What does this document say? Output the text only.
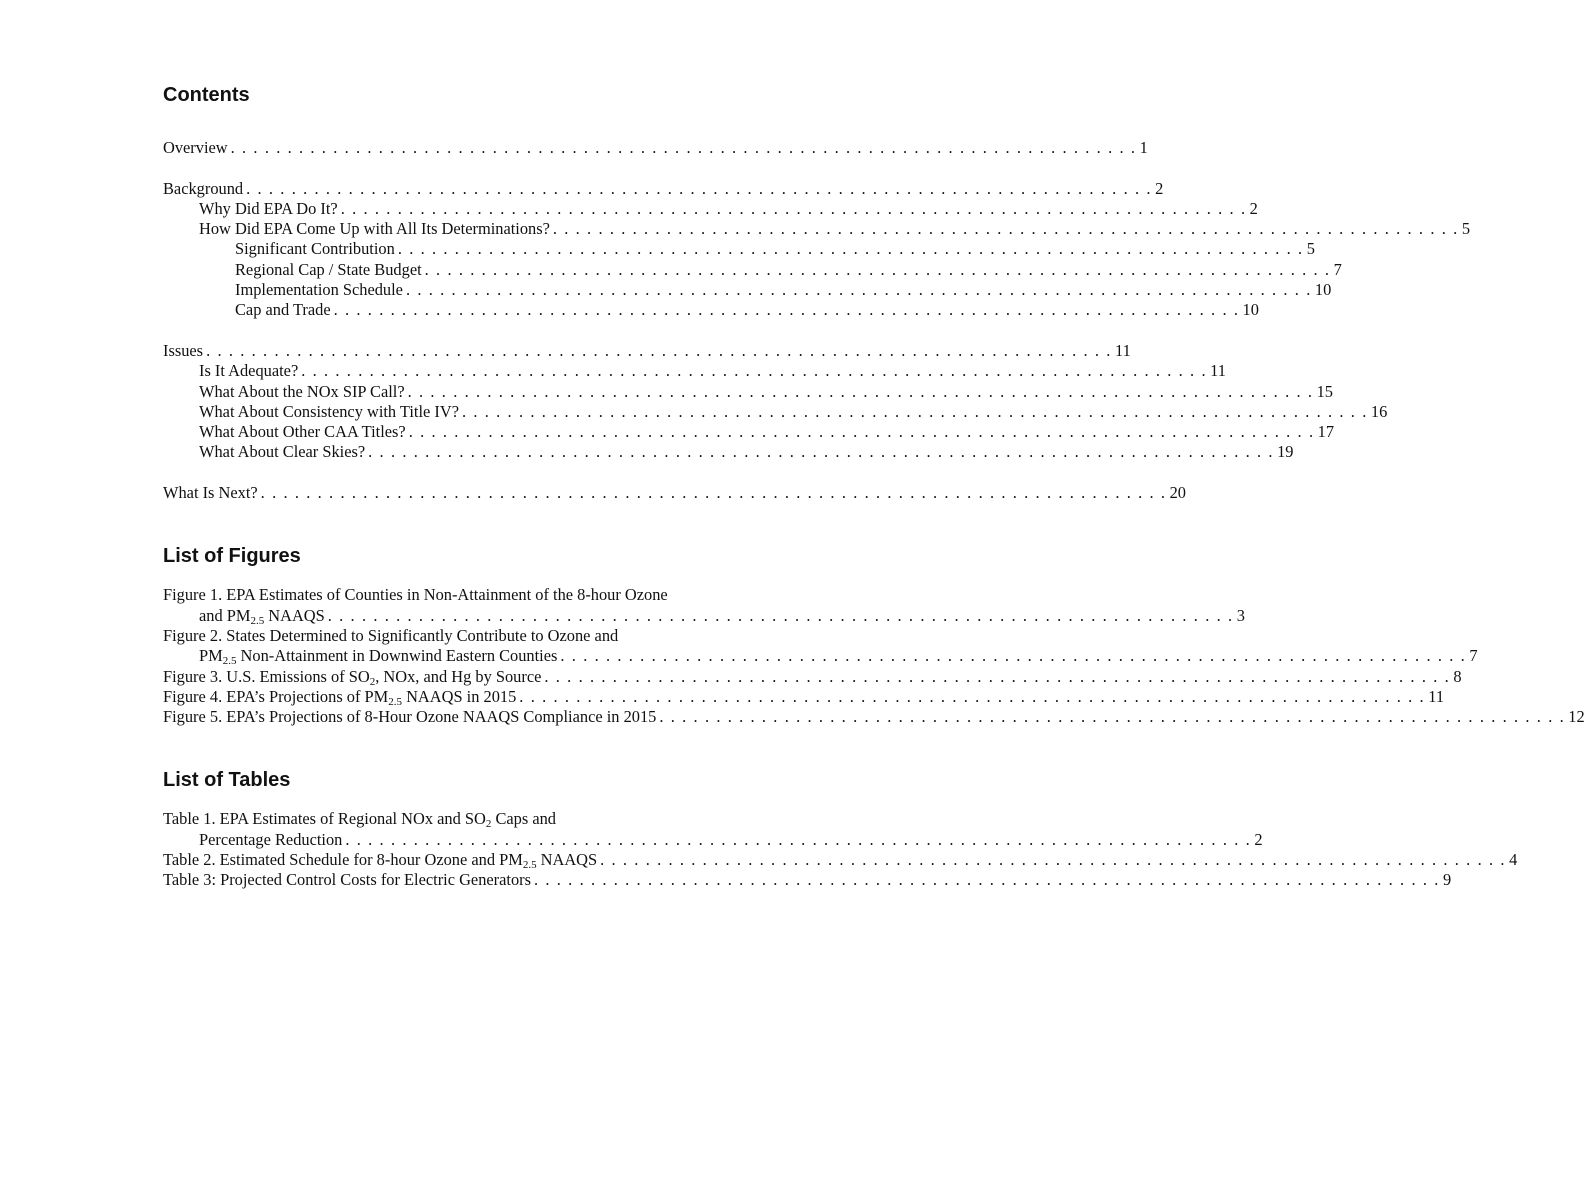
Contents
Overview . . . . . . . . . . . . . . . . . . . . . . . . . . . . . . . . . . . . . . . . . . . . . . . . . . . . . . . . . . . . . . . . . . . . . . . . . . . . . . . . 1
Background . . . . . . . . . . . . . . . . . . . . . . . . . . . . . . . . . . . . . . . . . . . . . . . . . . . . . . . . . . . . . . . . . . . . . . . . . . . . . . . . 2
Why Did EPA Do It? . . . . . . . . . . . . . . . . . . . . . . . . . . . . . . . . . . . . . . . . . . . . . . . . . . . . . . . . . . . . . . . . . . . . . . . . . . . . . . . . 2
How Did EPA Come Up with All Its Determinations? . . . . . . . . . . . . . . . . . . . . . . . . . . . . . . . . . . . . . . . . . . . . . . . . . . . . . . . . . . . . . . . . . . . . . . . . . . . . . . . . 5
Significant Contribution . . . . . . . . . . . . . . . . . . . . . . . . . . . . . . . . . . . . . . . . . . . . . . . . . . . . . . . . . . . . . . . . . . . . . . . . . . . . . . . . 5
Regional Cap / State Budget . . . . . . . . . . . . . . . . . . . . . . . . . . . . . . . . . . . . . . . . . . . . . . . . . . . . . . . . . . . . . . . . . . . . . . . . . . . . . . . . 7
Implementation Schedule . . . . . . . . . . . . . . . . . . . . . . . . . . . . . . . . . . . . . . . . . . . . . . . . . . . . . . . . . . . . . . . . . . . . . . . . . . . . . . . . 10
Cap and Trade . . . . . . . . . . . . . . . . . . . . . . . . . . . . . . . . . . . . . . . . . . . . . . . . . . . . . . . . . . . . . . . . . . . . . . . . . . . . . . . . 10
Issues . . . . . . . . . . . . . . . . . . . . . . . . . . . . . . . . . . . . . . . . . . . . . . . . . . . . . . . . . . . . . . . . . . . . . . . . . . . . . . . . 11
Is It Adequate? . . . . . . . . . . . . . . . . . . . . . . . . . . . . . . . . . . . . . . . . . . . . . . . . . . . . . . . . . . . . . . . . . . . . . . . . . . . . . . . . 11
What About the NOx SIP Call? . . . . . . . . . . . . . . . . . . . . . . . . . . . . . . . . . . . . . . . . . . . . . . . . . . . . . . . . . . . . . . . . . . . . . . . . . . . . . . . . 15
What About Consistency with Title IV? . . . . . . . . . . . . . . . . . . . . . . . . . . . . . . . . . . . . . . . . . . . . . . . . . . . . . . . . . . . . . . . . . . . . . . . . . . . . . . . . 16
What About Other CAA Titles? . . . . . . . . . . . . . . . . . . . . . . . . . . . . . . . . . . . . . . . . . . . . . . . . . . . . . . . . . . . . . . . . . . . . . . . . . . . . . . . . 17
What About Clear Skies? . . . . . . . . . . . . . . . . . . . . . . . . . . . . . . . . . . . . . . . . . . . . . . . . . . . . . . . . . . . . . . . . . . . . . . . . . . . . . . . . 19
What Is Next? . . . . . . . . . . . . . . . . . . . . . . . . . . . . . . . . . . . . . . . . . . . . . . . . . . . . . . . . . . . . . . . . . . . . . . . . . . . . . . . . 20
List of Figures
Figure 1. EPA Estimates of Counties in Non-Attainment of the 8-hour Ozone
and $PM_{2.5}$ NAAQS . . . . . . . . . . . . . . . . . . . . . . . . . . . . . . . . . . . . . . . . . . . . . . . . . . . . . . . . . . . . . . . . . . . . . . . . . . . . . . . . 3
Figure 2. States Determined to Significantly Contribute to Ozone and
$PM_{2.5}$ Non-Attainment in Downwind Eastern Counties . . . . . . . . . . . . . . . . . . . . . . . . . . . . . . . . . . . . . . . . . . . . . . . . . . . . . . . . . . . . . . . . . . . . . . . . . . . . . . . . 7
Figure 3. U.S. Emissions of $SO_2$, NOx, and Hg by Source . . . . . . . . . . . . . . . . . . . . . . . . . . . . . . . . . . . . . . . . . . . . . . . . . . . . . . . . . . . . . . . . . . . . . . . . . . . . . . . . 8
Figure 4. EPA’s Projections of $PM_{2.5}$ NAAQS in 2015 . . . . . . . . . . . . . . . . . . . . . . . . . . . . . . . . . . . . . . . . . . . . . . . . . . . . . . . . . . . . . . . . . . . . . . . . . . . . . . . . 11
Figure 5. EPA’s Projections of 8-Hour Ozone NAAQS Compliance in 2015 . . . . . . . . . . . . . . . . . . . . . . . . . . . . . . . . . . . . . . . . . . . . . . . . . . . . . . . . . . . . . . . . . . . . . . . . . . . . . . . . 12
List of Tables
Table 1. EPA Estimates of Regional NOx and $SO_2$ Caps and
Percentage Reduction . . . . . . . . . . . . . . . . . . . . . . . . . . . . . . . . . . . . . . . . . . . . . . . . . . . . . . . . . . . . . . . . . . . . . . . . . . . . . . . . 2
Table 2. Estimated Schedule for 8-hour Ozone and $PM_{2.5}$ NAAQS . . . . . . . . . . . . . . . . . . . . . . . . . . . . . . . . . . . . . . . . . . . . . . . . . . . . . . . . . . . . . . . . . . . . . . . . . . . . . . . . 4
Table 3: Projected Control Costs for Electric Generators . . . . . . . . . . . . . . . . . . . . . . . . . . . . . . . . . . . . . . . . . . . . . . . . . . . . . . . . . . . . . . . . . . . . . . . . . . . . . . . . 9
